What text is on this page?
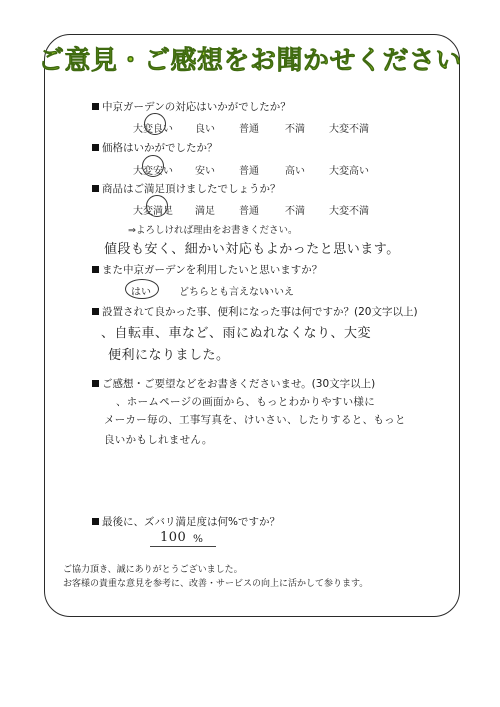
ご意見・ご感想をお聞かせください
中京ガーデンの対応はいかがでしたか？
大変良い 良い 普通	不満 大変不満
価格はいかがでしたか？
大変安い 安い 普通	高い 大変高い
商品はご満足頂けましたでしょうか？
大変満足 満足 普通	不満 大変不満
⇒よろしければ理由をお書きください。
値段も安く、細かい対応もよかったと思います。
また中京ガーデンを利用したいと思いますか？
はい	どちらとも言えない
いいえ
設置されて良かった事、便利になった事は何ですか？(20文字以上)
、自転車、車など、雨にぬれなくなり、大変
便利になりました。
ご感想・ご要望などをお書きくださいませ。(30文字以上)
、ホームページの画面から、もっとわかりやすい様に
メーカー毎の、工事写真を、けいさい、したりすると、もっと
良いかもしれません。
最後に、ズバリ満足度は何%ですか？
100 %
ご協力頂き、誠にありがとうございました。
お客様の貴重な意見を参考に、改善・サービスの向上に活かして参ります。
